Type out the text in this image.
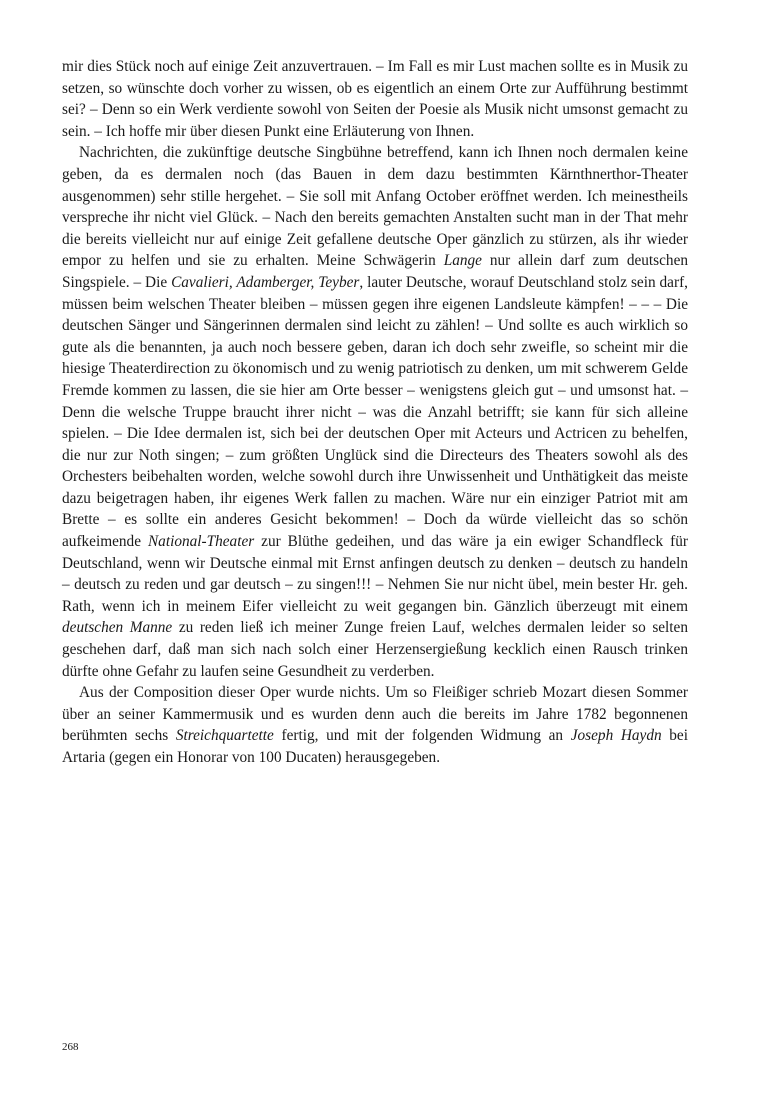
mir dies Stück noch auf einige Zeit anzuvertrauen. – Im Fall es mir Lust machen sollte es in Musik zu setzen, so wünschte doch vorher zu wissen, ob es eigentlich an einem Orte zur Aufführung bestimmt sei? – Denn so ein Werk verdiente sowohl von Seiten der Poesie als Musik nicht umsonst gemacht zu sein. – Ich hoffe mir über diesen Punkt eine Erläuterung von Ihnen.

Nachrichten, die zukünftige deutsche Singbühne betreffend, kann ich Ihnen noch dermalen keine geben, da es dermalen noch (das Bauen in dem dazu bestimmten Kärnthnerthor-Theater ausgenommen) sehr stille hergehet. – Sie soll mit Anfang October eröffnet werden. Ich meinestheils verspreche ihr nicht viel Glück. – Nach den bereits gemachten Anstalten sucht man in der That mehr die bereits vielleicht nur auf einige Zeit gefallene deutsche Oper gänzlich zu stürzen, als ihr wieder empor zu helfen und sie zu erhalten. Meine Schwägerin Lange nur allein darf zum deutschen Singspiele. – Die Cavalieri, Adamberger, Teyber, lauter Deutsche, worauf Deutschland stolz sein darf, müssen beim welschen Theater bleiben – müssen gegen ihre eigenen Landsleute kämpfen! – – – Die deutschen Sänger und Sängerinnen dermalen sind leicht zu zählen! – Und sollte es auch wirklich so gute als die benannten, ja auch noch bessere geben, daran ich doch sehr zweifle, so scheint mir die hiesige Theaterdirection zu ökonomisch und zu wenig patriotisch zu denken, um mit schwerem Gelde Fremde kommen zu lassen, die sie hier am Orte besser – wenigstens gleich gut – und umsonst hat. – Denn die welsche Truppe braucht ihrer nicht – was die Anzahl betrifft; sie kann für sich alleine spielen. – Die Idee dermalen ist, sich bei der deutschen Oper mit Acteurs und Actricen zu behelfen, die nur zur Noth singen; – zum größten Unglück sind die Directeurs des Theaters sowohl als des Orchesters beibehalten worden, welche sowohl durch ihre Unwissenheit und Unthätigkeit das meiste dazu beigetragen haben, ihr eigenes Werk fallen zu machen. Wäre nur ein einziger Patriot mit am Brette – es sollte ein anderes Gesicht bekommen! – Doch da würde vielleicht das so schön aufkeimende National-Theater zur Blüthe gedeihen, und das wäre ja ein ewiger Schandfleck für Deutschland, wenn wir Deutsche einmal mit Ernst anfingen deutsch zu denken – deutsch zu handeln – deutsch zu reden und gar deutsch – zu singen!!! – Nehmen Sie nur nicht übel, mein bester Hr. geh. Rath, wenn ich in meinem Eifer vielleicht zu weit gegangen bin. Gänzlich überzeugt mit einem deutschen Manne zu reden ließ ich meiner Zunge freien Lauf, welches dermalen leider so selten geschehen darf, daß man sich nach solch einer Herzensergießung kecklich einen Rausch trinken dürfte ohne Gefahr zu laufen seine Gesundheit zu verderben.

Aus der Composition dieser Oper wurde nichts. Um so Fleißiger schrieb Mozart diesen Sommer über an seiner Kammermusik und es wurden denn auch die bereits im Jahre 1782 begonnenen berühmten sechs Streichquartette fertig, und mit der folgenden Widmung an Joseph Haydn bei Artaria (gegen ein Honorar von 100 Ducaten) herausgegeben.

268
